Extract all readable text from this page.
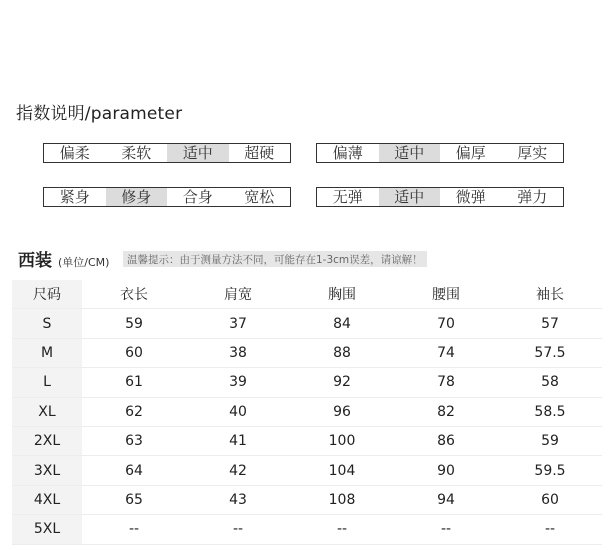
指数说明/parameter
偏柔	柔软	适中	超硬	偏薄	适中	偏厚	厚实
紧身	修身	合身	宽松	无弹	适中	微弹	弹力
西装 (单位/CM)	温馨提示：由于测量方法不同，可能存在1-3cm误差，请谅解！
尺码	衣长	肩宽	胸围	腰围	袖长
S	59	37	84	70	57
M	60	38	88	74	57.5
L	61	39	92	78	58
XL	62	40	96	82	58.5
2XL	63	41	100	86	59
3XL	64	42	104	90	59.5
4XL	65	43	108	94	60
5XL	--	--	--	--	--
